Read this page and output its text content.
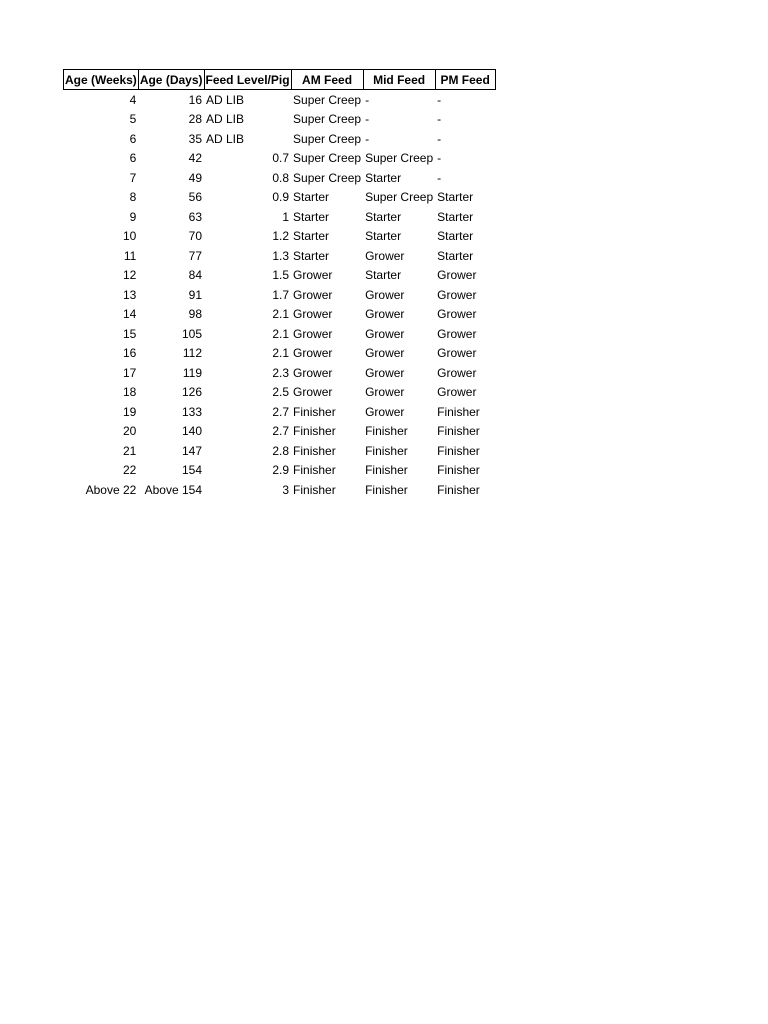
Age (Weeks)	Age (Days)	Feed Level/Pig	AM Feed	Mid Feed	PM Feed
4	16	AD LIB	Super Creep	-	-
5	28	AD LIB	Super Creep	-	-
6	35	AD LIB	Super Creep	-	-
6	42	0.7	Super Creep	Super Creep	-
7	49	0.8	Super Creep	Starter	-
8	56	0.9	Starter	Super Creep	Starter
9	63	1	Starter	Starter	Starter
10	70	1.2	Starter	Starter	Starter
11	77	1.3	Starter	Grower	Starter
12	84	1.5	Grower	Starter	Grower
13	91	1.7	Grower	Grower	Grower
14	98	2.1	Grower	Grower	Grower
15	105	2.1	Grower	Grower	Grower
16	112	2.1	Grower	Grower	Grower
17	119	2.3	Grower	Grower	Grower
18	126	2.5	Grower	Grower	Grower
19	133	2.7	Finisher	Grower	Finisher
20	140	2.7	Finisher	Finisher	Finisher
21	147	2.8	Finisher	Finisher	Finisher
22	154	2.9	Finisher	Finisher	Finisher
Above 22	Above 154	3	Finisher	Finisher	Finisher
